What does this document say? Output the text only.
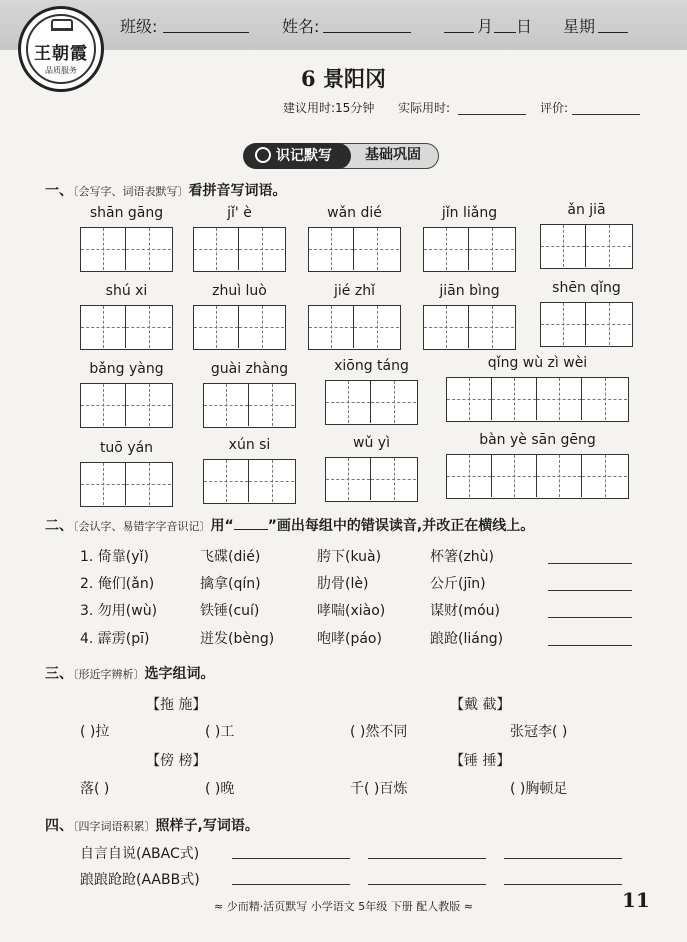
王朝霞
品质服务
班级:	姓名:	月 日 星期
6 景阳冈
建议用时:15分钟 实际用时:	评价:
基础巩固
识记默写
一、〔会写字、词语表默写〕看拼音写词语。
shān gāng	jǐ' è	wǎn dié	jǐn liǎng	ǎn jiā
shú xi	zhuì luò	jié zhǐ	jiān bìng	shēn qǐng
bǎng yàng	guài zhàng	xiōng táng	qǐng wù zì wèi
tuō yán	xún si	wǔ yì	bàn yè sān gēng
二、〔会认字、易错字字音识记〕用“ ”画出每组中的错误读音,并改正在横线上。
1. 倚靠(yǐ)	飞碟(dié)	胯下(kuà)	杯箸(zhù)
2. 俺们(ǎn)	擒拿(qín)	肋骨(lè)	公斤(jīn)
3. 勿用(wù)	铁锤(cuí)	哮喘(xiào)	谋财(móu)
4. 霹雳(pī)	迸发(bèng)	咆哮(páo)	踉跄(liáng)
三、〔形近字辨析〕选字组词。
【拖 施】	【戴 截】
( )拉	( )工	( )然不同	张冠李( )
【傍 榜】	【锤 捶】
落( )	( )晚	千( )百炼	( )胸顿足
四、〔四字词语积累〕照样子,写词语。
自言自说(ABAC式)
踉踉跄跄(AABB式)
≈ 少而精·活页默写 小学语文 5年级 下册 配人教版 ≈	11
